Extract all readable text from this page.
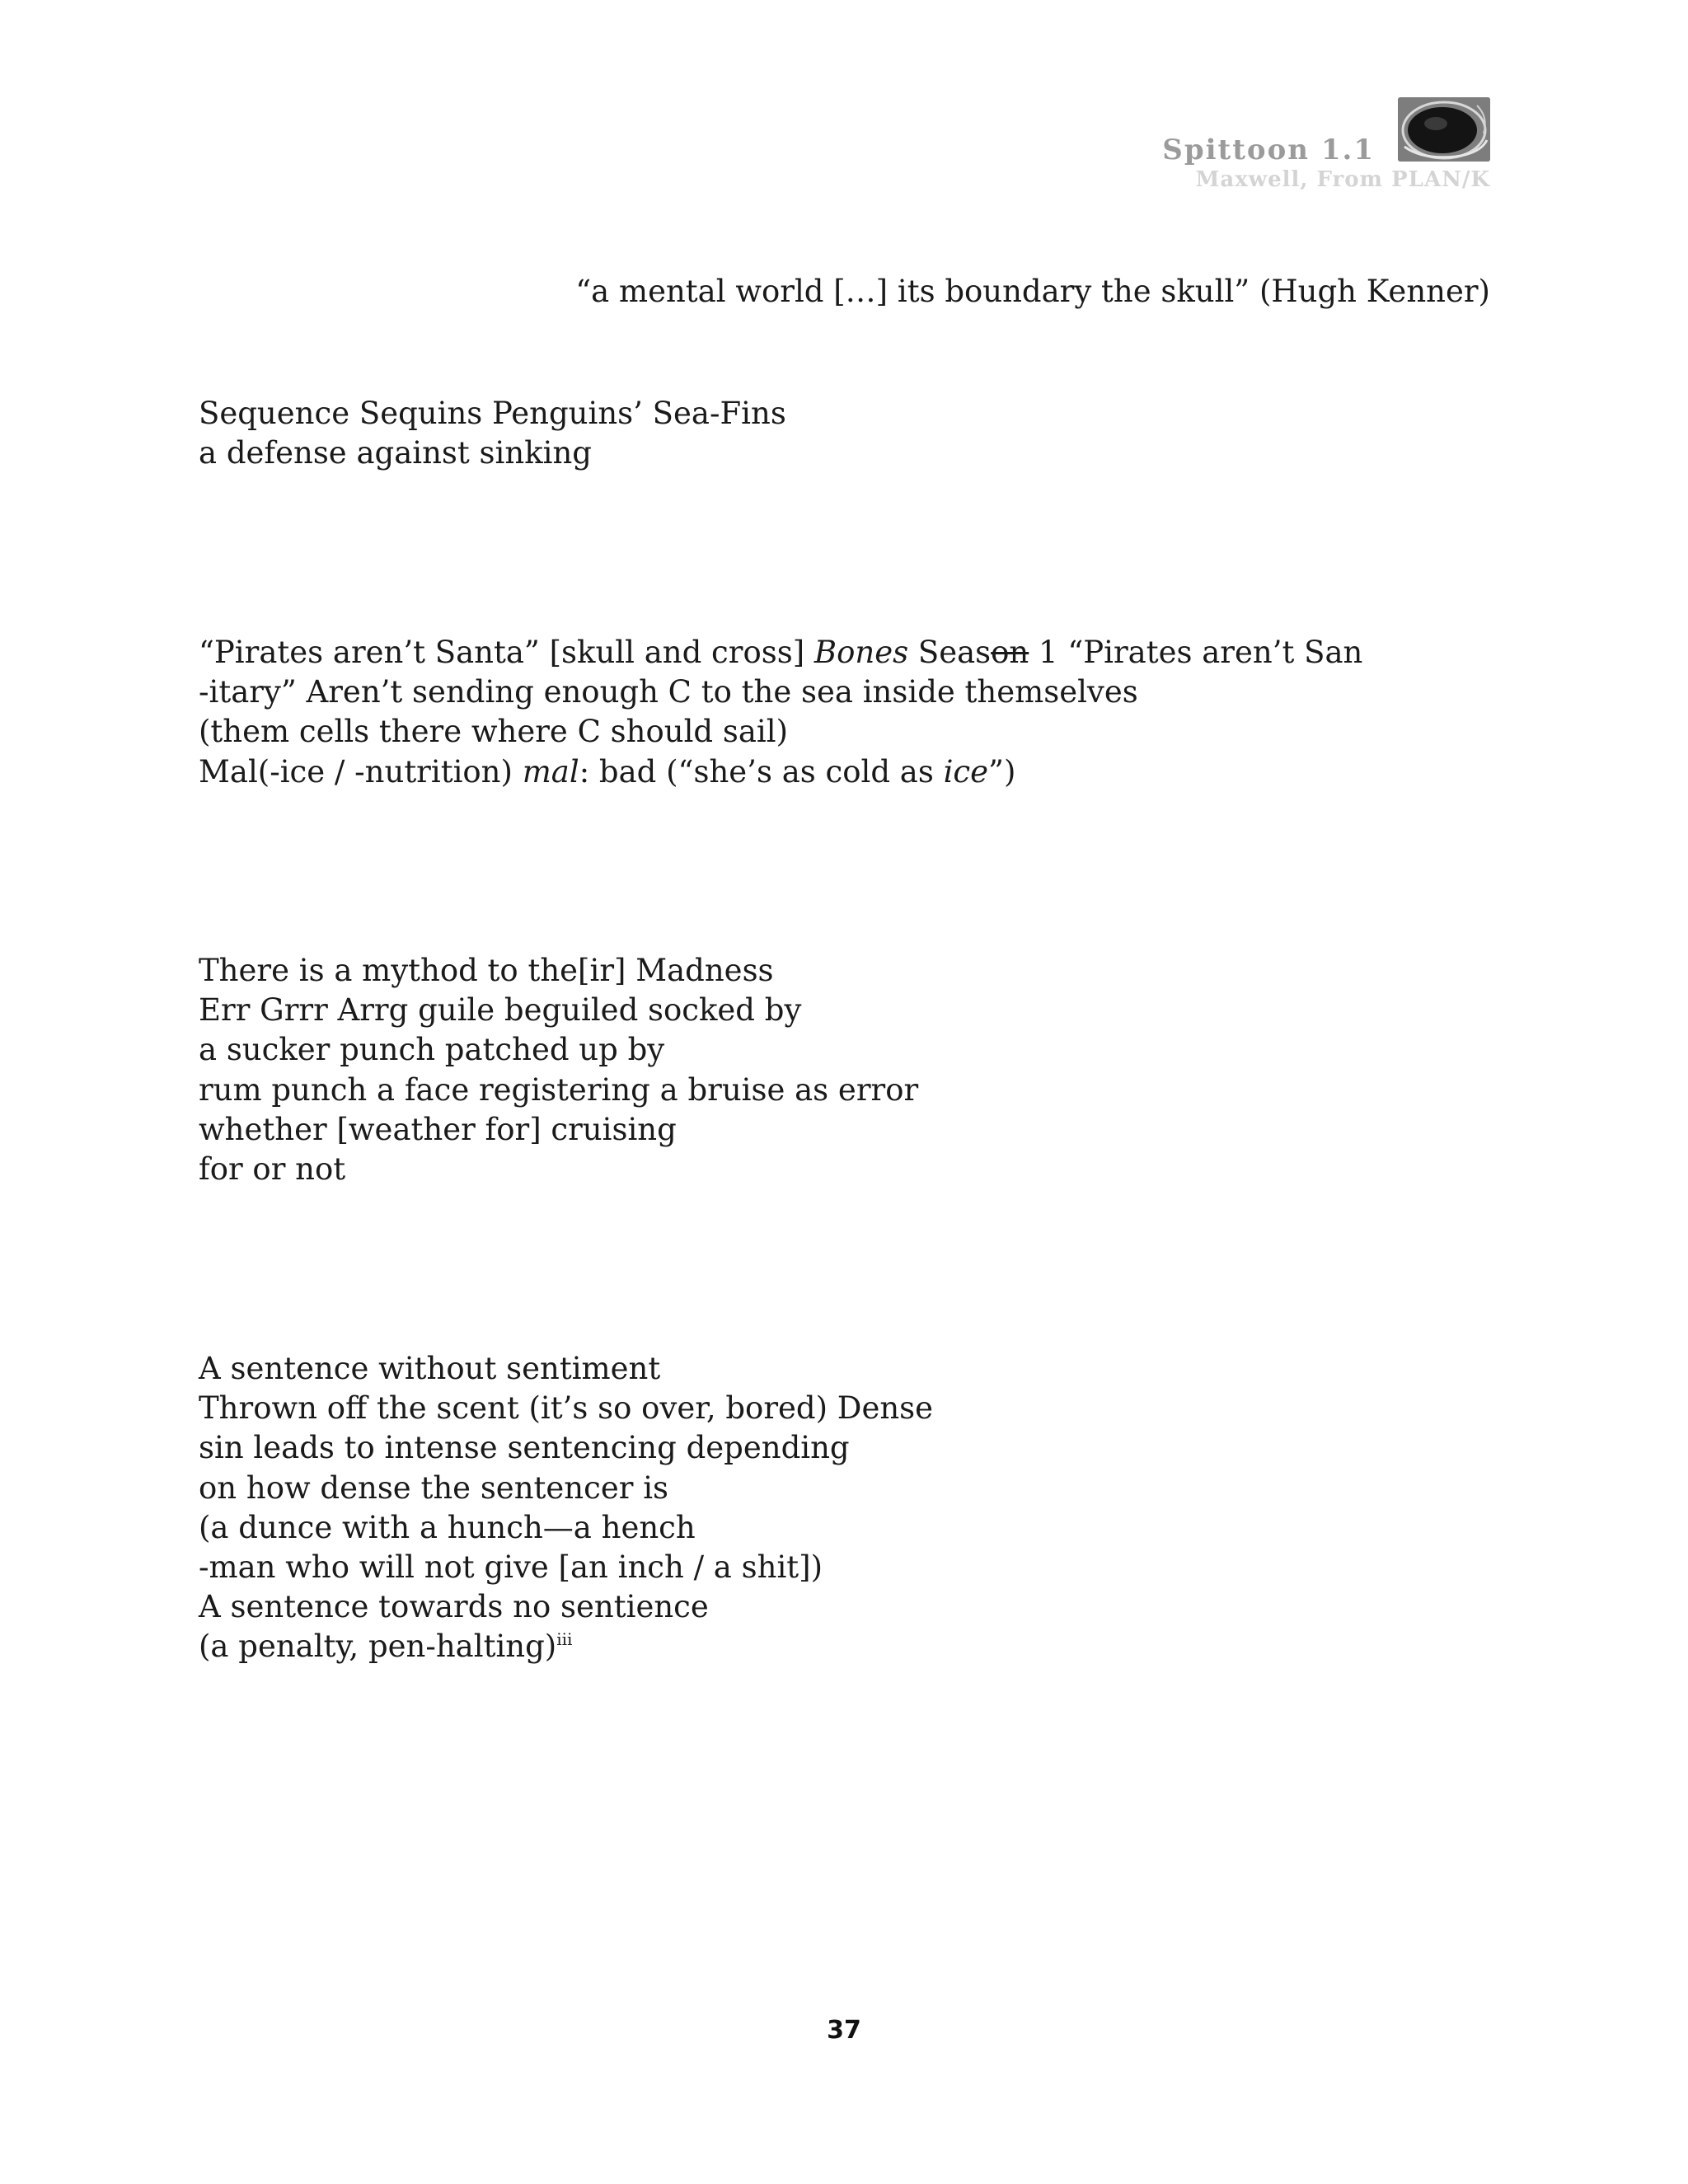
Spittoon 1.1
Maxwell, From PLAN/K
“a mental world […] its boundary the skull” (Hugh Kenner)
Sequence Sequins Penguins’ Sea-Fins
a defense against sinking
“Pirates aren’t Santa” [skull and cross] Bones Season 1 “Pirates aren’t San
-itary” Aren’t sending enough C to the sea inside themselves
(them cells there where C should sail)
Mal(-ice / -nutrition) mal: bad (“she’s as cold as ice”)
There is a mythod to the[ir] Madness
Err Grrr Arrg guile beguiled socked by
a sucker punch patched up by
rum punch a face registering a bruise as error
whether [weather for] cruising
for or not
A sentence without sentiment
Thrown off the scent (it’s so over, bored) Dense
sin leads to intense sentencing depending
on how dense the sentencer is
(a dunce with a hunch—a hench
-man who will not give [an inch / a shit])
A sentence towards no sentience
(a penalty, pen-halting)$^{iii}$
37
